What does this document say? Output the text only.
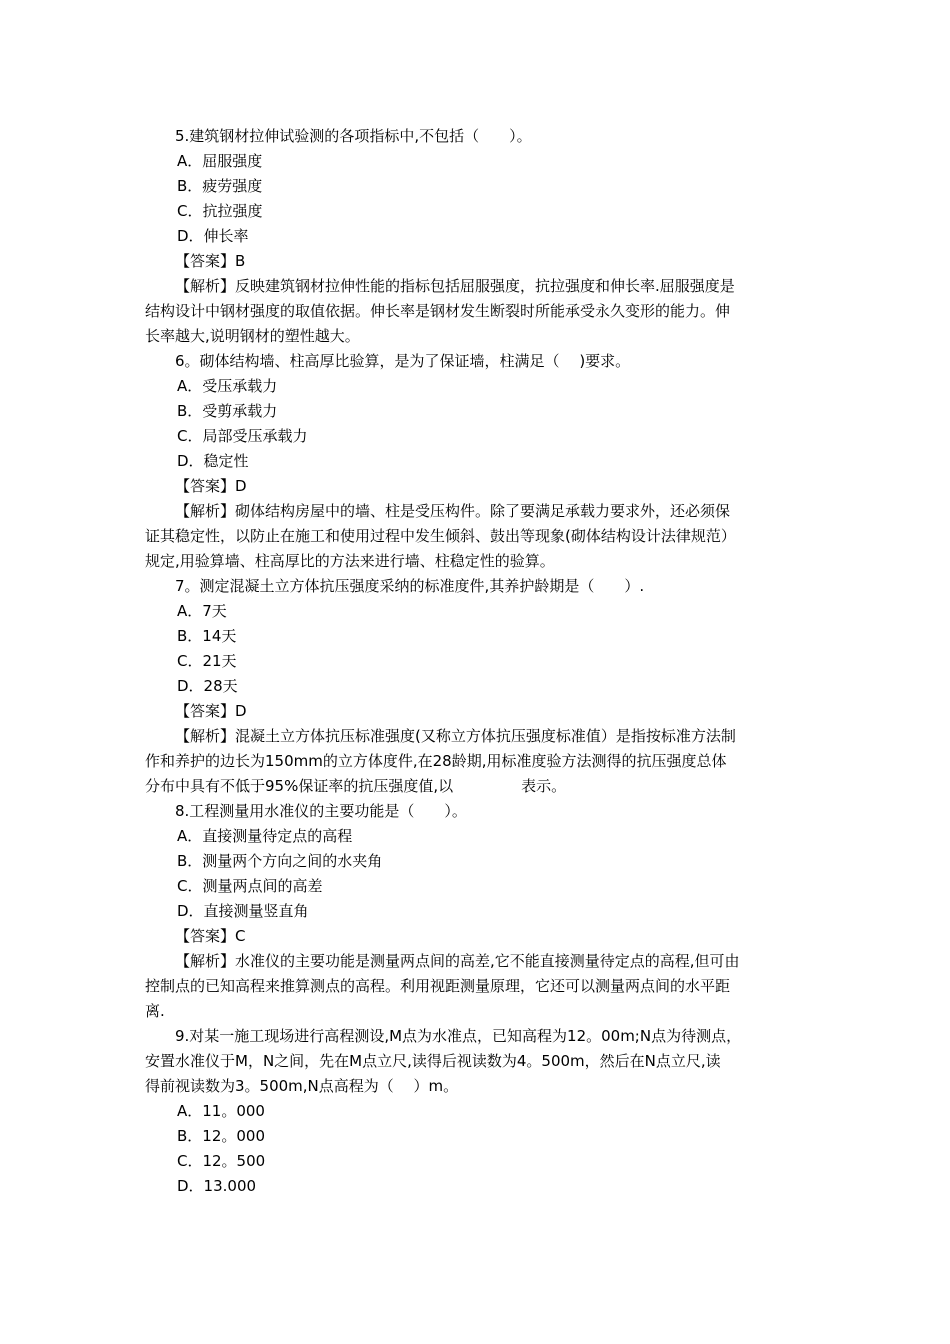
5.建筑钢材拉伸试验测的各项指标中,不包括（　　）。
A．屈服强度
B．疲劳强度
C．抗拉强度
D．伸长率
【答案】B
【解析】反映建筑钢材拉伸性能的指标包括屈服强度，抗拉强度和伸长率.屈服强度是
结构设计中钢材强度的取值依据。伸长率是钢材发生断裂时所能承受永久变形的能力。伸
长率越大,说明钢材的塑性越大。
6。砌体结构墙、柱高厚比验算，是为了保证墙，柱满足（　 )要求。
A．受压承载力
B．受剪承载力
C．局部受压承载力
D．稳定性
【答案】D
【解析】砌体结构房屋中的墙、柱是受压构件。除了要满足承载力要求外，还必须保
证其稳定性，以防止在施工和使用过程中发生倾斜、鼓出等现象(砌体结构设计法律规范）
规定,用验算墙、柱高厚比的方法来进行墙、柱稳定性的验算。
7。测定混凝土立方体抗压强度采纳的标准度件,其养护龄期是（　　）.
A．7天
B．14天
C．21天
D．28天
【答案】D
【解析】混凝土立方体抗压标准强度(又称立方体抗压强度标准值）是指按标准方法制
作和养护的边长为150mm的立方体度件,在28龄期,用标准度验方法测得的抗压强度总体
分布中具有不低于95%保证率的抗压强度值,以	表示。
8.工程测量用水准仪的主要功能是（　　）。
A．直接测量待定点的高程
B．测量两个方向之间的水夹角
C．测量两点间的高差
D．直接测量竖直角
【答案】C
【解析】水准仪的主要功能是测量两点间的高差,它不能直接测量待定点的高程,但可由
控制点的已知高程来推算测点的高程。利用视距测量原理，它还可以测量两点间的水平距
离.
9.对某一施工现场进行高程测设,M点为水准点，已知高程为12。00m;N点为待测点，
安置水准仪于M，N之间，先在M点立尺,读得后视读数为4。500m，然后在N点立尺,读
得前视读数为3。500m,N点高程为（　 ）m。
A．11。000
B．12。000
C．12。500
D．13.000
